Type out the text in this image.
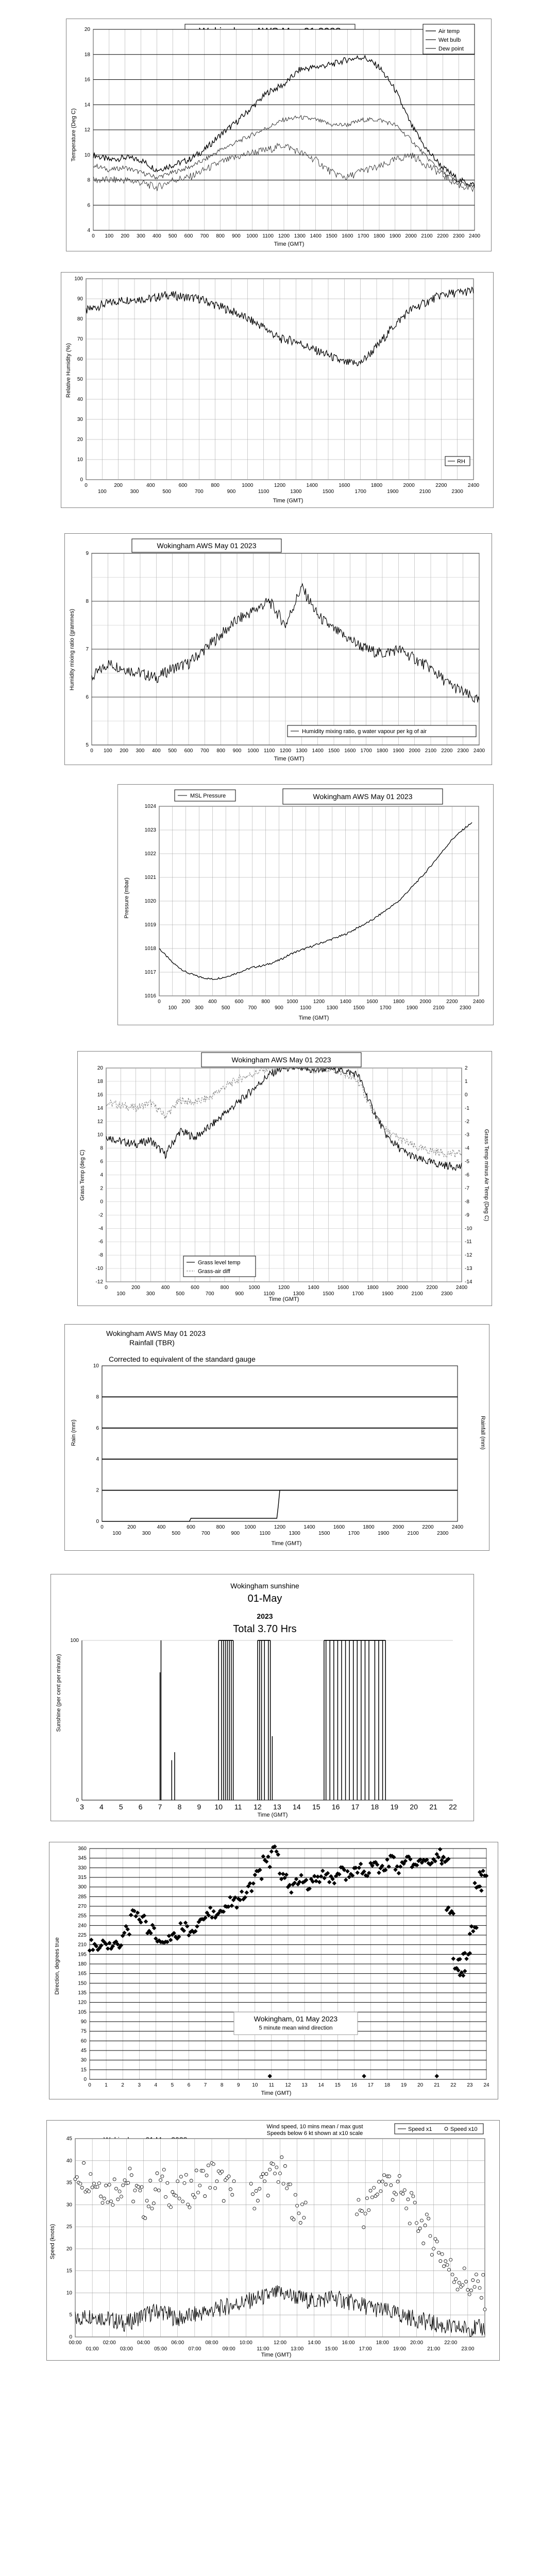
Temperature (Deg C)
Time (GMT)
4
6
8
10
12
14
16
18
20
0 100 200 300 400 500 600 700 800 900 1000 1100 1200 1300 1400 1500 1600 1700 1800 1900 2000 2100 2200 2300 2400
Air temp
Wet bulb
Dew point
Relative Humidity (%)
Time (GMT)
0
10
20
30
40
50
60
70
80
90
100
0	200	400	600	800	1000	1200	1400	1600	1800	2000	2200	2400
100	300	500	700	900	1100	1300	1500	1700	1900	2100	2300
RH
Wokingham AWS May 01 2023
Humidity mixing ratio (grammes)
Time (GMT)
5
6
7
8
9
0 100 200 300 400 500 600 700 800 900 1000 1100 1200 1300 1400 1500 1600 1700 1800 1900 2000 2100 2200 2300 2400
Humidity mixing ratio, g water vapour per kg of air
Wokingham AWS May 01 2023
Pressure (mbar)
Time (GMT)
1016
1017
1018
1019
1020
1021
1022
1023
1024
0	200	400	600	800	1000	1200	1400	1600	1800	2000	2200	2400
100	300	500	700	900	1100	1300	1500	1700	1900	2100	2300
MSL Pressure
Wokingham AWS May 01 2023
Grass Temp (deg C)	Grass Temp minus Air Temp (Deg C)
Time (GMT)
-12
-10
-8
-6
-4
-2
0
2
4
6
8
10
12
14
16
18
20
-14
-13
-12
-11
-10
-9
-8
-7
-6
-5
-4
-3
-2
-1
0
1
2
0	200	400	600	800	1000	1200	1400	1600	1800	2000	2200	2400
100	300	500	700	900	1100	1300	1500	1700	1900	2100	2300
Grass level temp
Grass-air diff
Wokingham AWS May 01 2023
Rainfall (TBR)
Corrected to equivalent of the standard gauge
Rain (mm)	Rainfall (mm)
Time (GMT)
0
2
4
6
8
10
0	200	400	600	800	1000	1200	1400	1600	1800	2000	2200	2400
100	300	500	700	900	1100	1300	1500	1700	1900	2100	2300
Wokingham sunshine
01-May
2023
Total 3.70 Hrs
Sunshine (per cent per minute)
Time (GMT)
0
100
3 4 5 6 7 8 9 10 11 12 13 14 15 16 17 18 19 20 21 22
Direction, degrees true
Time (GMT)
0
15
30
45
60
75
90
105
120
135
150
165
180
195
210
225
240
255
270
285
300
315
330
345
360
0	1	2	3	4	5	6	7	8	9 10 11 12 13 14 15 16 17 18 19 20 21 22 23 24
Wokingham, 01 May 2023
5 minute mean wind direction
Wind speed, 10 mins mean / max gust
Speeds below 6 kt shown at x10 scale
Speed (knots)
Time (GMT)
0
5
10
15
20
25
30
35
40
45
00:00	02:00	04:00	06:00	08:00	10:00	12:00	14:00	16:00	18:00	20:00	22:00
01:00	03:00	05:00	07:00	09:00	11:00	13:00	15:00	17:00	19:00	21:00	23:00
Speed x1	Speed x10
